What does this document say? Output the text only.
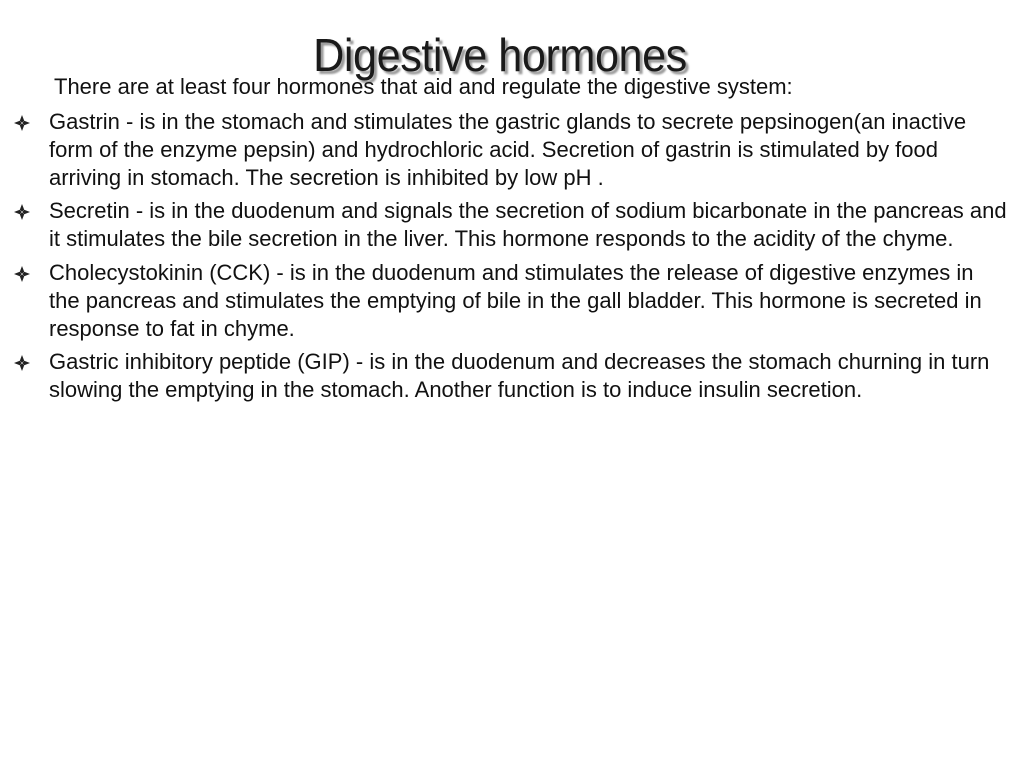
Digestive hormones
There are at least four hormones that aid and regulate the digestive system:
Gastrin - is in the stomach and stimulates the gastric glands to secrete pepsinogen(an inactive form of the enzyme pepsin) and hydrochloric acid. Secretion of gastrin is stimulated by food arriving in stomach. The secretion is inhibited by low pH .
Secretin - is in the duodenum and signals the secretion of sodium bicarbonate in the pancreas and it stimulates the bile secretion in the liver. This hormone responds to the acidity of the chyme.
Cholecystokinin (CCK) - is in the duodenum and stimulates the release of digestive enzymes in the pancreas and stimulates the emptying of bile in the gall bladder. This hormone is secreted in response to fat in chyme.
Gastric inhibitory peptide (GIP) - is in the duodenum and decreases the stomach churning in turn slowing the emptying in the stomach. Another function is to induce insulin secretion.
